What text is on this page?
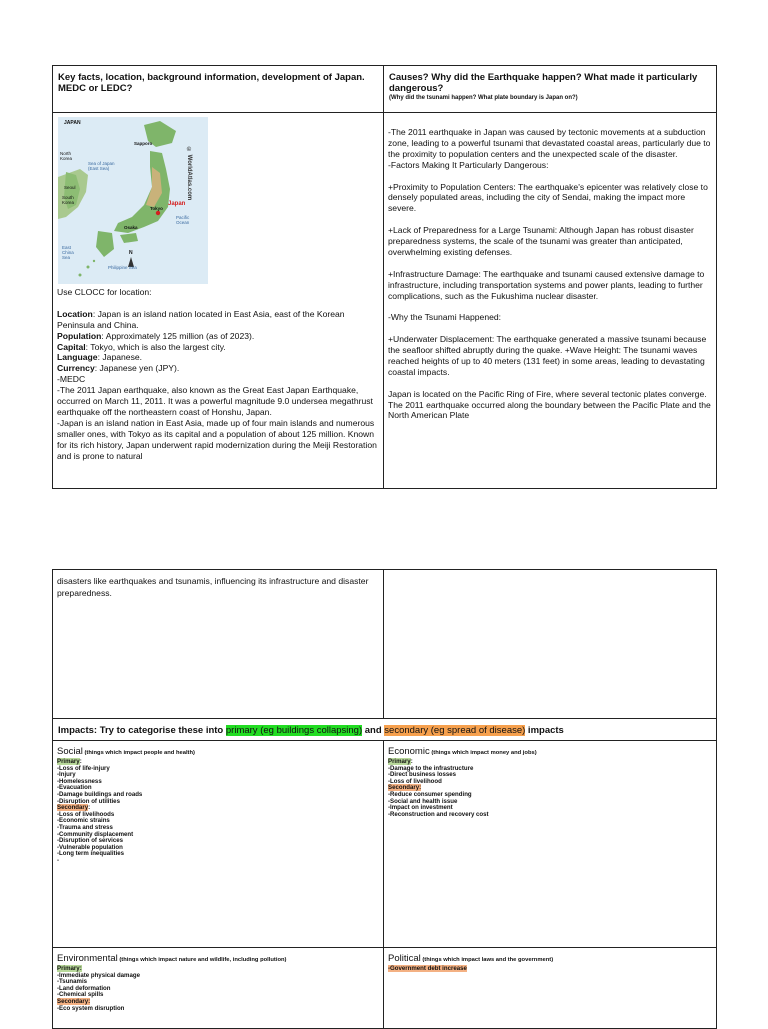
Key facts, location, background information, development of Japan. MEDC or LEDC?
Causes? Why did the Earthquake happen? What made it particularly dangerous?
(Why did the tsunami happen? What plate boundary is Japan on?)

Use CLOCC for location:

Location: Japan is an island nation located in East Asia, east of the Korean Peninsula and China.

Population: Approximately 125 million (as of 2023).

Capital: Tokyo, which is also the largest city.

Language: Japanese.

Currency: Japanese yen (JPY).

-MEDC

-The 2011 Japan earthquake, also known as the Great East Japan Earthquake, occurred on March 11, 2011. It was a powerful magnitude 9.0 undersea megathrust earthquake off the northeastern coast of Honshu, Japan.

-Japan is an island nation in East Asia, made up of four main islands and numerous smaller ones, with Tokyo as its capital and a population of about 125 million. Known for its rich history, Japan underwent rapid modernization during the Meiji Restoration and is prone to natural

-The 2011 earthquake in Japan was caused by tectonic movements at a subduction zone, leading to a powerful tsunami that devastated coastal areas, particularly due to the proximity to population centers and the unexpected scale of the disaster.

-Factors Making It Particularly Dangerous:

+Proximity to Population Centers: The earthquake's epicenter was relatively close to densely populated areas, including the city of Sendai, making the impact more severe.

+Lack of Preparedness for a Large Tsunami: Although Japan has robust disaster preparedness systems, the scale of the tsunami was greater than anticipated, overwhelming existing defenses.

+Infrastructure Damage: The earthquake and tsunami caused extensive damage to infrastructure, including transportation systems and power plants, leading to further complications, such as the Fukushima nuclear disaster.

-Why the Tsunami Happened:

+Underwater Displacement: The earthquake generated a massive tsunami because the seafloor shifted abruptly during the quake. +Wave Height: The tsunami waves reached heights of up to 40 meters (131 feet) in some areas, leading to devastating coastal impacts.

Japan is located on the Pacific Ring of Fire, where several tectonic plates converge. The 2011 earthquake occurred along the boundary between the Pacific Plate and the North American Plate

JAPAN
Sapporo
Sea of Japan (East Sea)
North Korea
Seoul
South Korea	Japan
Tokyo
Osaka
Pacific Ocean
East China Sea
Philippine Sea
N
© WorldAtlas.com

disasters like earthquakes and tsunamis, influencing its infrastructure and disaster preparedness.

Impacts: Try to categorise these into primary (eg buildings collapsing) and secondary (eg spread of disease) impacts
Social (things which impact people and health)
Primary:
-Loss of life-injury
-Injury
-Homelessness
-Evacuation
-Damage buildings and roads
-Disruption of utilities
Secondary:
-Loss of livelihoods
-Economic strains
-Trauma and stress
-Community displacement
-Disruption of services
-Vulnerable population
-Long term inequalities
-
Economic (things which impact money and jobs)
Primary:
-Damage to the infrastructure
-Direct business losses
-Loss of livelihood
Secondary:
-Reduce consumer spending
-Social and health issue
-Impact on investment
-Reconstruction and recovery cost
Environmental (things which impact nature and wildlife, including pollution)
Primary:
-Immediate physical damage
-Tsunamis
-Land deformation
-Chemical spills
Secondary:
-Eco system disruption
Political (things which impact laws and the government)
-Government debt increase
